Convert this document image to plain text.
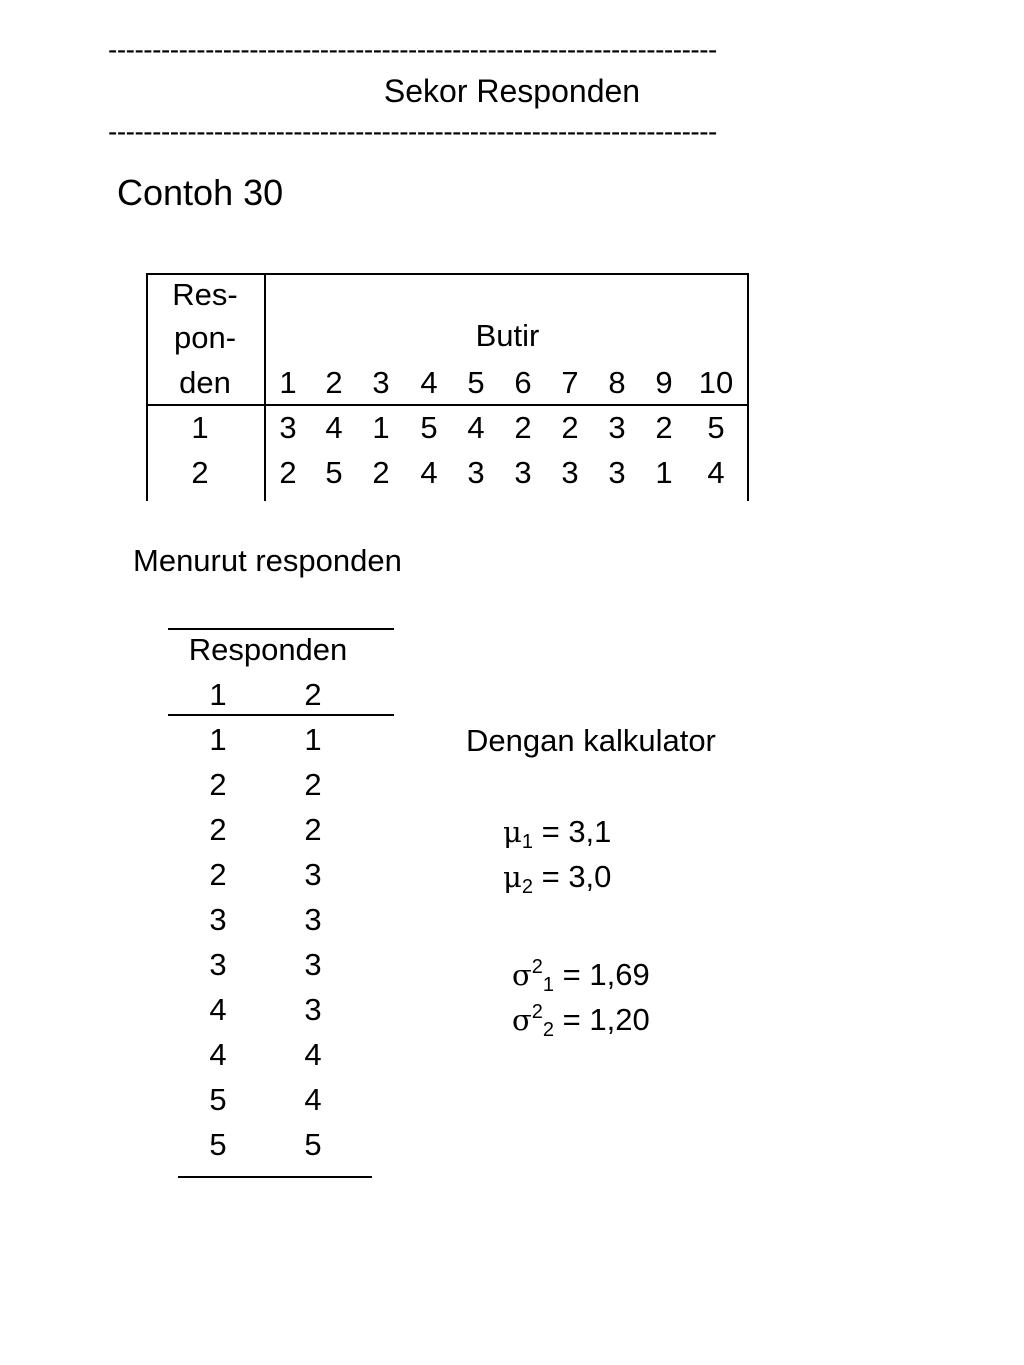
---------------------------------------------------------------------
Sekor Responden
---------------------------------------------------------------------
Contoh 30
Res-
pon-
den
Butir
1 2 3 4 5 6 7 8 9 10
1	3 4 1 5 4 2 2 3 2	5
2	2 5 2 4 3 3 3 3 1	4
Menurut responden
Responden
1	2
1	1
2	2
2	2
2	3
3	3
3	3
4	3
4	4
5	4
5	5
Dengan kalkulator
$\mu_1 = 3,1$
$\mu_2 = 3,0$
$\sigma^2_1 = 1,69$
$\sigma^2_2 = 1,20$
